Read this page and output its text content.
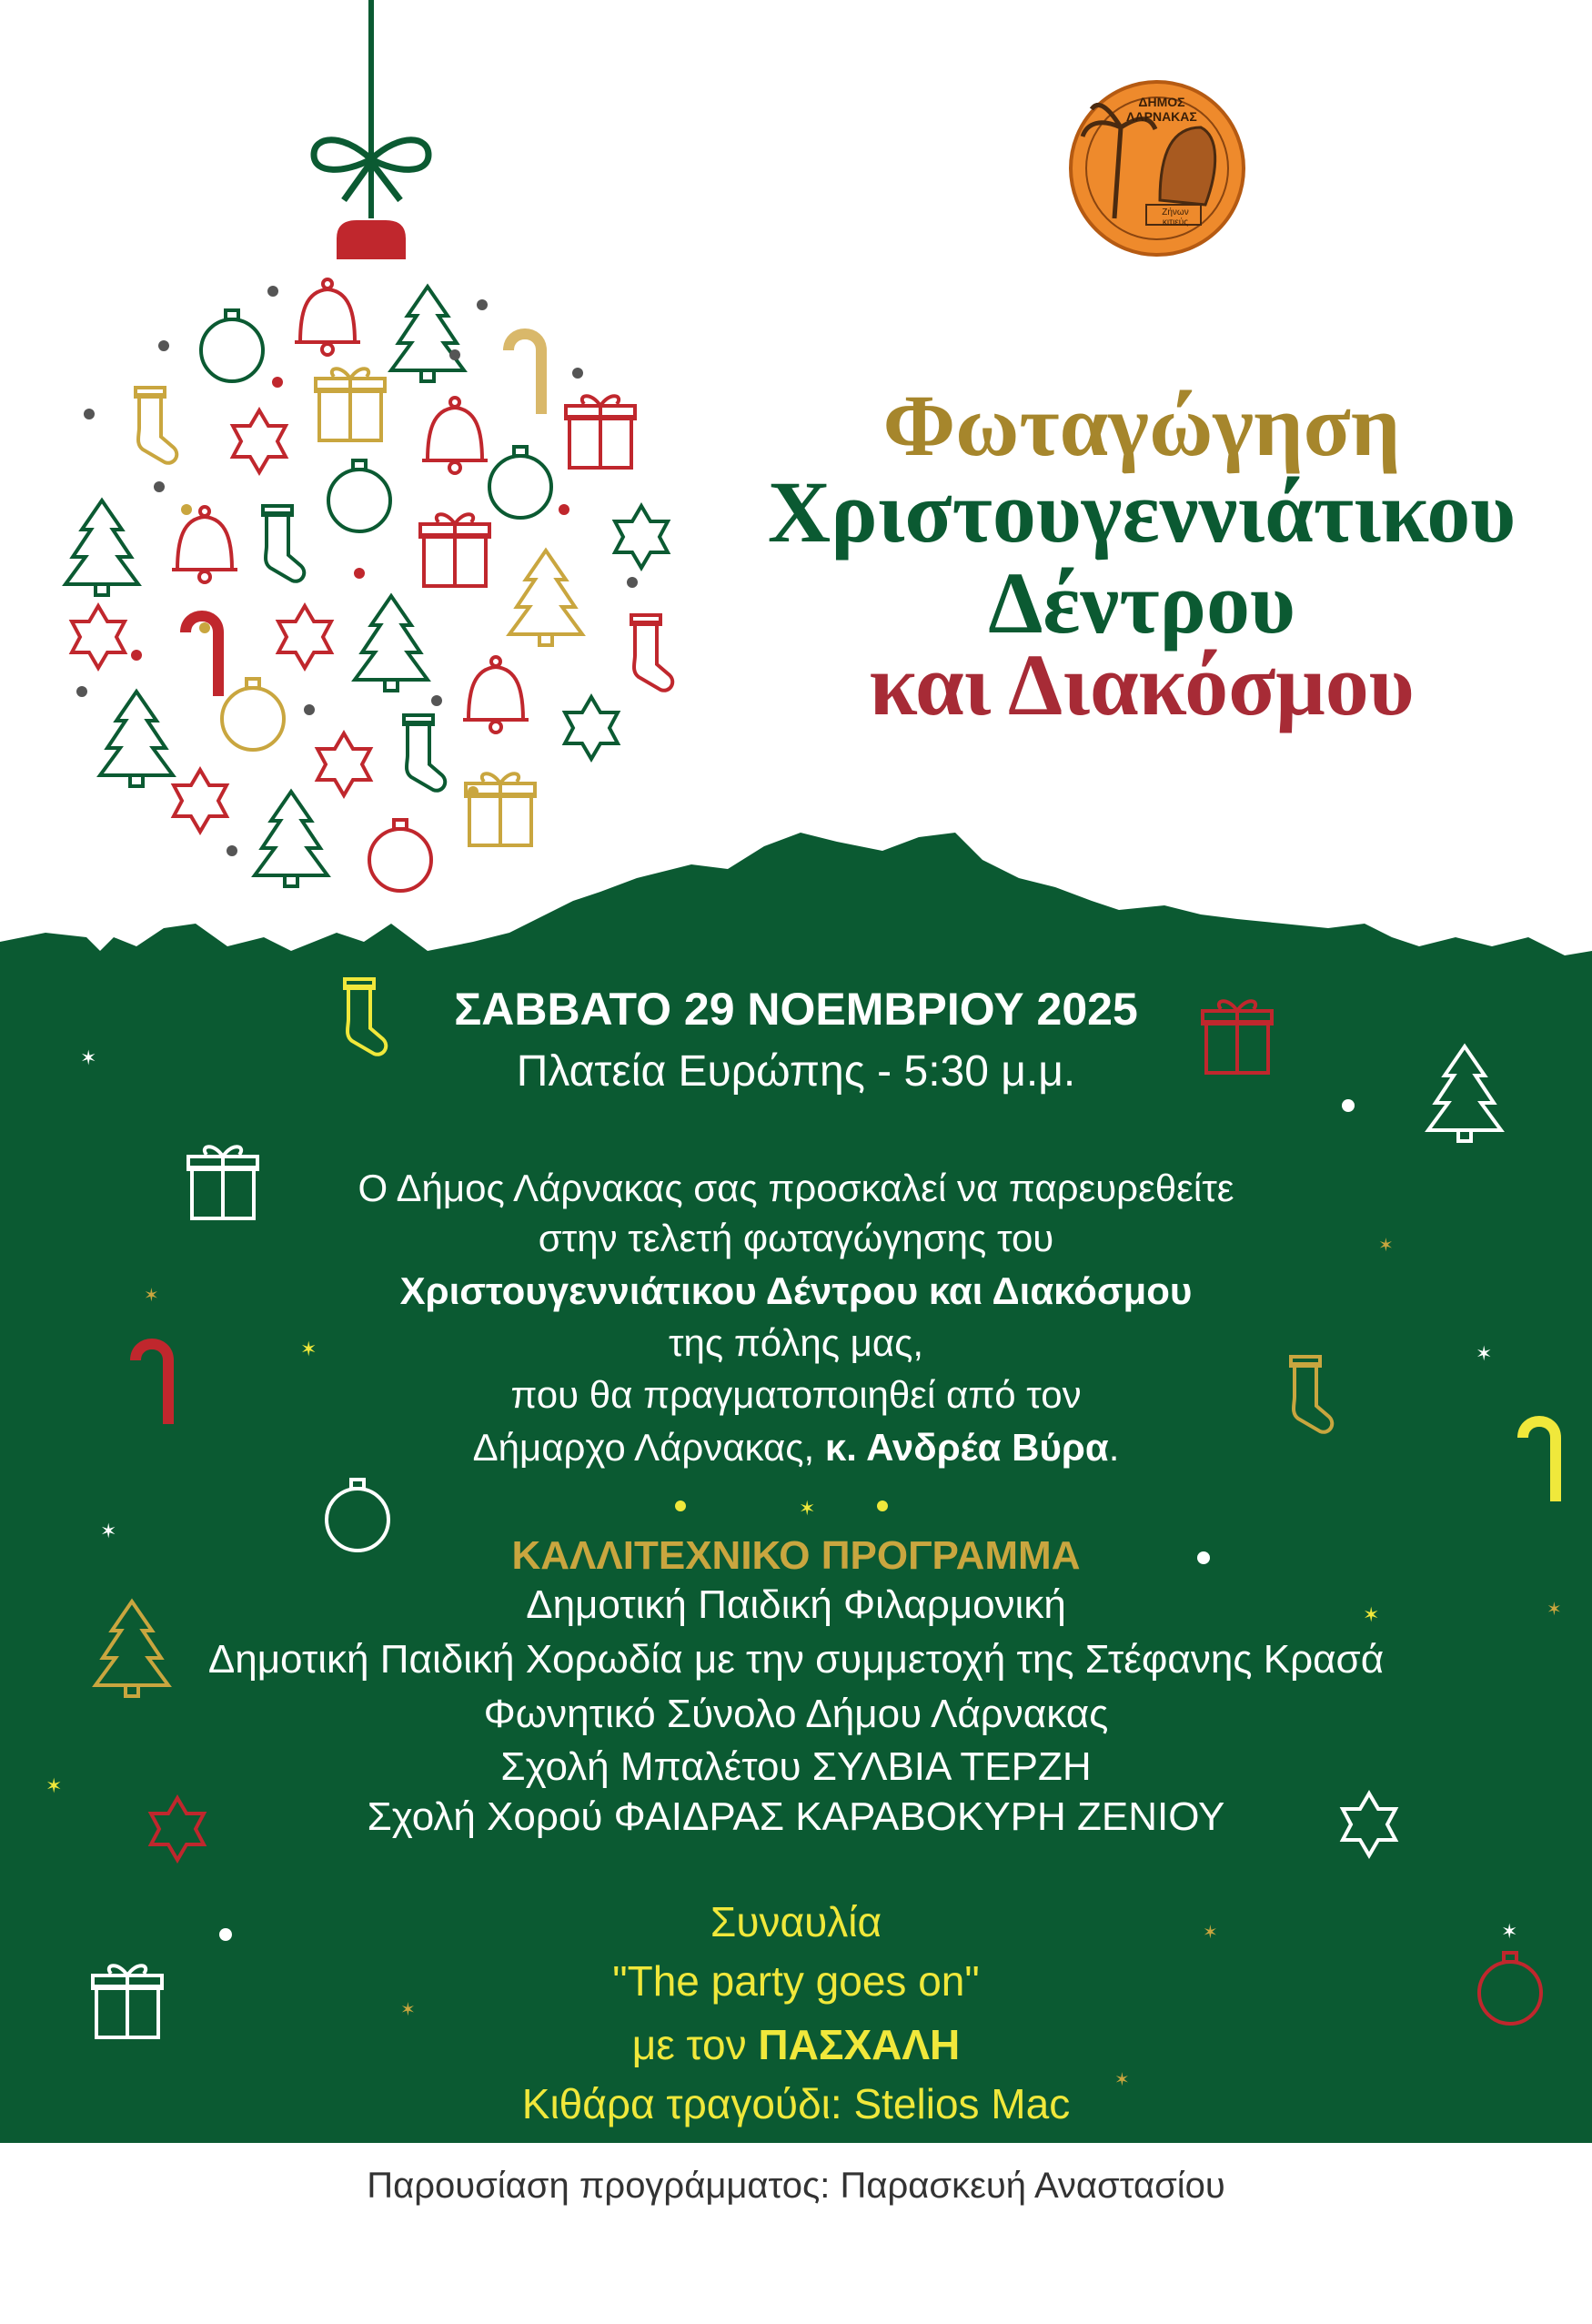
✶
✶
✶
✶
✶
✶
✶
✶
✶
✶
✶
✶
✶
✶
ΔΗΜΟΣ ΛΑΡΝΑΚΑΣ
Ζήνων κιτιεύς
Φωταγώγηση
Χριστουγεννιάτικου
Δέντρου
και Διακόσμου
ΣΑΒΒΑΤΟ 29 ΝΟΕΜΒΡΙΟΥ 2025
Πλατεία Ευρώπης - 5:30 μ.μ.
Ο Δήμος Λάρνακας σας προσκαλεί να παρευρεθείτε
στην τελετή φωταγώγησης του
Χριστουγεννιάτικου Δέντρου και Διακόσμου
της πόλης μας,
που θα πραγματοποιηθεί από τον
Δήμαρχο Λάρνακας, κ. Ανδρέα Βύρα.
ΚΑΛΛΙΤΕΧΝΙΚΟ ΠΡΟΓΡΑΜΜΑ
Δημοτική Παιδική Φιλαρμονική
Δημοτική Παιδική Χορωδία με την συμμετοχή της Στέφανης Κρασά
Φωνητικό Σύνολο Δήμου Λάρνακας
Σχολή Μπαλέτου ΣΥΛΒΙΑ ΤΕΡΖΗ
Σχολή Χορού ΦΑΙΔΡΑΣ ΚΑΡΑΒΟΚΥΡΗ ΖΕΝΙΟΥ
Συναυλία
"The party goes on"
με τον ΠΑΣΧΑΛΗ
Κιθάρα τραγούδι: Stelios Mac
Παρουσίαση προγράμματος: Παρασκευή Αναστασίου
